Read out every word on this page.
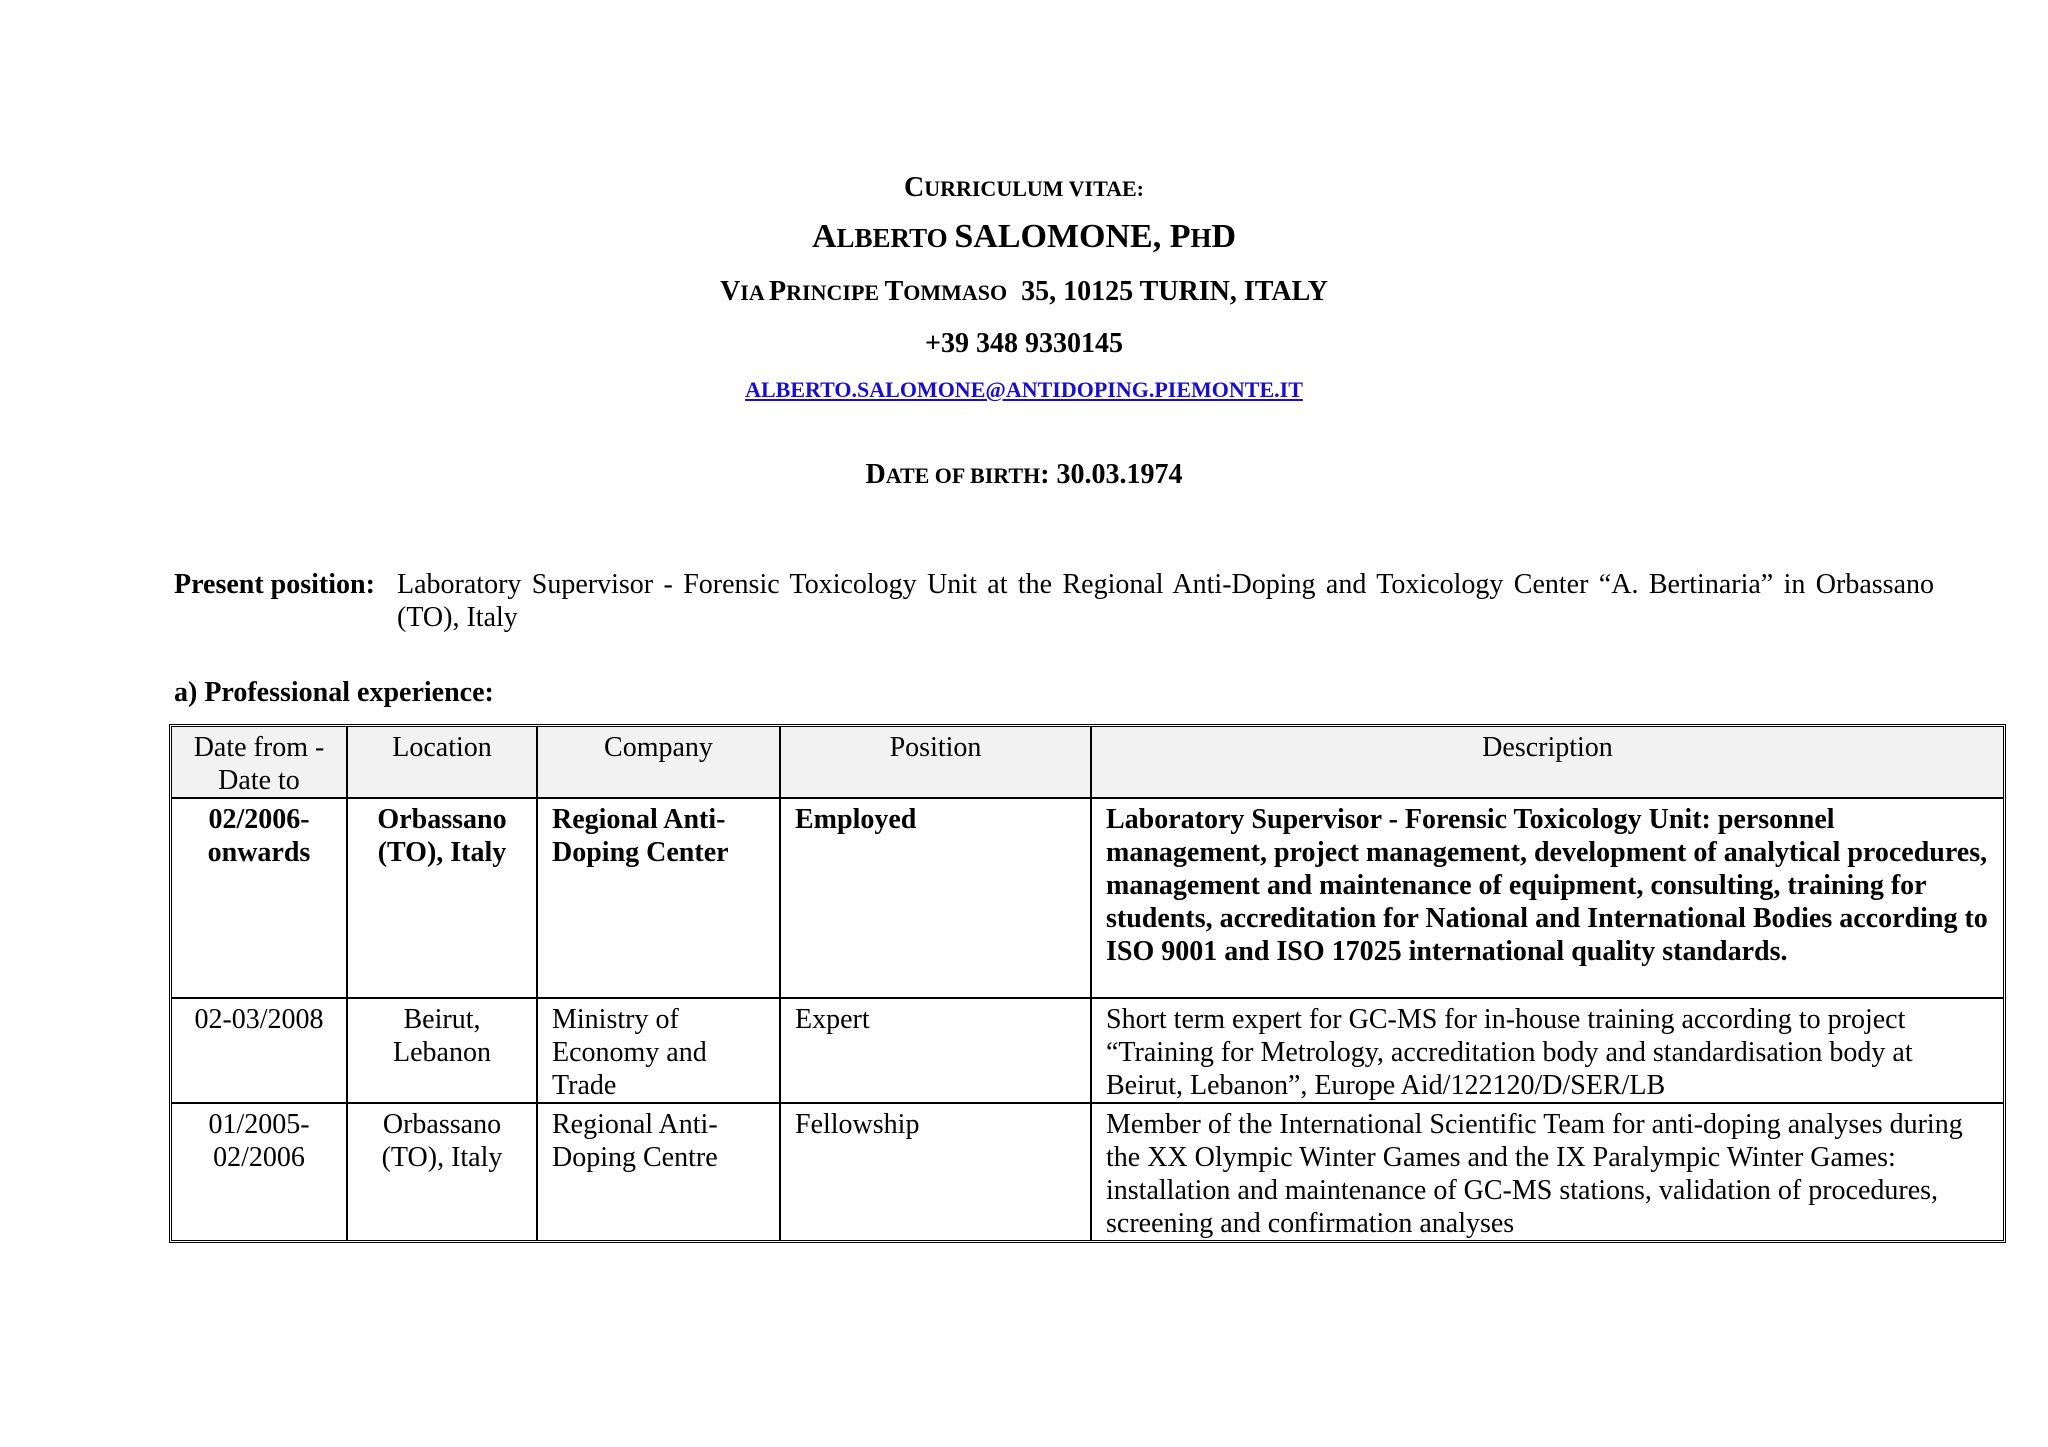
CURRICULUM VITAE:
ALBERTO SALOMONE, PHD
VIA PRINCIPE TOMMASO  35, 10125 TURIN, ITALY
+39 348 9330145
ALBERTO.SALOMONE@ANTIDOPING.PIEMONTE.IT
DATE OF BIRTH: 30.03.1974
Present position: Laboratory Supervisor - Forensic Toxicology Unit at the Regional Anti-Doping and Toxicology Center “A. Bertinaria” in Orbassano (TO), Italy
a) Professional experience:
Date from - Date to	Location	Company	Position	Description
02/2006-onwards	Orbassano (TO), Italy	Regional Anti-Doping Center	Employed	Laboratory Supervisor - Forensic Toxicology Unit: personnel management, project management, development of analytical procedures, management and maintenance of equipment, consulting, training for students, accreditation for National and International Bodies according to ISO 9001 and ISO 17025 international quality standards.
02-03/2008	Beirut, Lebanon	Ministry of Economy and Trade	Expert	Short term expert for GC-MS for in-house training according to project “Training for Metrology, accreditation body and standardisation body at Beirut, Lebanon”, Europe Aid/122120/D/SER/LB
01/2005-02/2006	Orbassano (TO), Italy	Regional Anti-Doping Centre	Fellowship	Member of the International Scientific Team for anti-doping analyses during the XX Olympic Winter Games and the IX Paralympic Winter Games: installation and maintenance of GC-MS stations, validation of procedures, screening and confirmation analyses
